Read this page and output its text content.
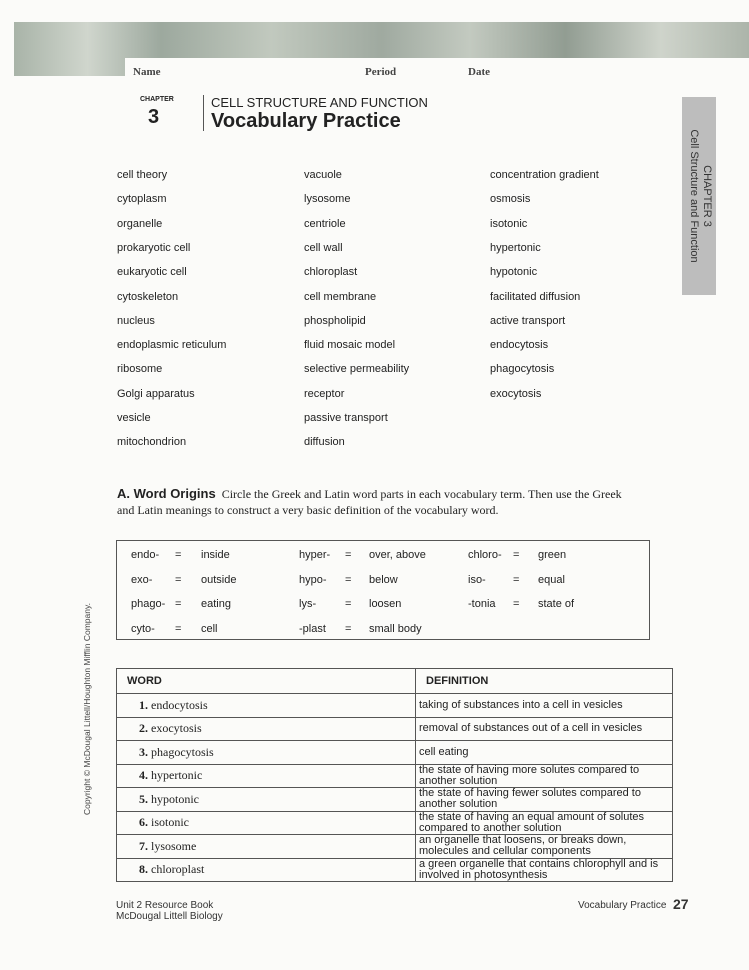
Name	Period	Date
CHAPTER
3
CELL STRUCTURE AND FUNCTION
Vocabulary Practice
CHAPTER 3
Cell Structure and Function
cell theory
cytoplasm
organelle
prokaryotic cell
eukaryotic cell
cytoskeleton
nucleus
endoplasmic reticulum
ribosome
Golgi apparatus
vesicle
mitochondrion
vacuole
lysosome
centriole
cell wall
chloroplast
cell membrane
phospholipid
fluid mosaic model
selective permeability
receptor
passive transport
diffusion
concentration gradient
osmosis
isotonic
hypertonic
hypotonic
facilitated diffusion
active transport
endocytosis
phagocytosis
exocytosis
A. Word Origins Circle the Greek and Latin word parts in each vocabulary term. Then use the Greek and Latin meanings to construct a very basic definition of the vocabulary word.
endo- = inside
exo- = outside
phago- = eating
cyto- = cell
hyper- = over, above
hypo- = below
lys-	= loosen
-plast = small body
chloro- = green
iso- = equal
-tonia = state of
WORD	DEFINITION
1. endocytosis	taking of substances into a cell in vesicles
2. exocytosis	removal of substances out of a cell in vesicles
3. phagocytosis	cell eating
4. hypertonic	the state of having more solutes compared to another solution
5. hypotonic	the state of having fewer solutes compared to another solution
6. isotonic	the state of having an equal amount of solutes compared to another solution
7. lysosome	an organelle that loosens, or breaks down, molecules and cellular components
8. chloroplast	a green organelle that contains chlorophyll and is involved in photosynthesis
Copyright © McDougal Littell/Houghton Mifflin Company.
Unit 2 Resource Book
McDougal Littell Biology
Vocabulary Practice 27
